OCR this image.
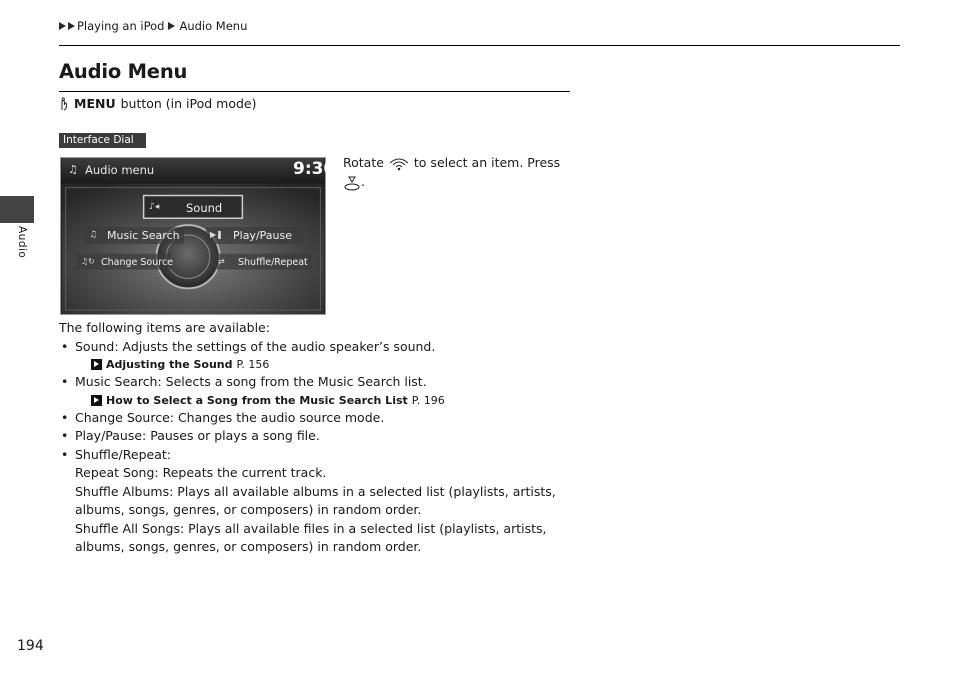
Playing an iPod Audio Menu
Audio Menu
MENU button (in iPod mode)
Interface Dial
♫ Audio menu	9:30
♪◂ Sound
♫ Music Search	▶❚ Play/Pause
♫↻ Change Source	⇄ Shuffle/Repeat
Audio
Rotate to select an item. Press
.

The following items are available:

• Sound: Adjusts the settings of the audio speaker’s sound.

Adjusting the Sound P. 156

• Music Search: Selects a song from the Music Search list.

How to Select a Song from the Music Search List P. 196

• Change Source: Changes the audio source mode.

• Play/Pause: Pauses or plays a song file.

• Shuffle/Repeat:

Repeat Song: Repeats the current track.

Shuffle Albums: Plays all available albums in a selected list (playlists, artists,

albums, songs, genres, or composers) in random order.

Shuffle All Songs: Plays all available files in a selected list (playlists, artists,

albums, songs, genres, or composers) in random order.

194
